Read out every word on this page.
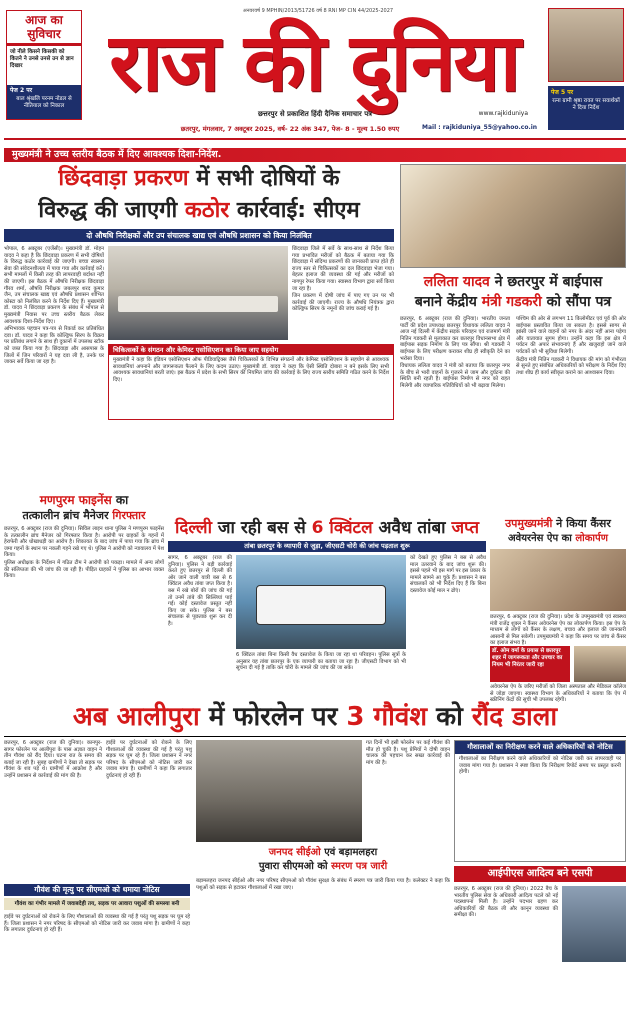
आज का सुविचार
जो नीले किसने किसकी को कितने ने उनसे उनसे उन से ज्ञान दिखार
पेज 2 पर
बाल श्रृंखलि परनम नोडल से नीतियाल को निकाल
अनवरवर्ष 9 MPHIN/2013/51726 वर्ष 8 RNI MP CIN 44/2025-2027
राज की दुनिया
छत्तरपुर से प्रकाशित हिंदी दैनिक समाचार पत्र	www.rajkiduniya
छतरपुर, मंगलवार, 7 अक्टूबर 2025, वर्ष- 22 अंक 347, पेज- 8 - मूल्य 1.50 रुपए	Mail : rajkiduniya_55@yahoo.co.in
पेज 5 पर
रत्ना ग्रामी श्रृष्ठा रावत पर सवार्थकों ने दिया निर्देश
मुख्यमंत्री ने उच्च स्तरीय बैठक में दिए आवश्यक दिशा-निर्देश.
छिंदवाड़ा प्रकरण में सभी दोषियों के
विरुद्ध की जाएगी कठोर कार्रवाई: सीएम
दो औषधि निरीक्षकों और उप संचालक खाद्य एवं औषधि प्रशासन को किया निलंबित

भोपाल, 6 अक्टूबर (एजेंसी)। मुख्यमंत्री डॉ. मोहन यादव ने कहा है कि छिंदवाड़ा प्रकरण में सभी दोषियों के विरुद्ध कठोर कार्रवाई की जाएगी। बच्चा स्वास्थ्य सेवा की संवेदनशीलता में पाया गया और कार्रवाई करें। सभी मामलों में किसी तरह की लापरवाही बर्दाश्त नहीं की जाएगी। इस बैठक में औषधि निरीक्षक छिंदवाड़ा गौरव शर्मा, औषधि निरीक्षक जबलपुर शरद कुमार जैन, उप संचालक खाद्य एवं औषधि प्रशासन शोभित कोस्टा को निलंबित करने के निर्देश दिए हैं। मुख्यमंत्री डॉ. यादव ने छिंदवाड़ा प्रकरण के संबंध में भोपाल से मुख्यमंत्री निवास पर उच्च स्तरीय बैठक लेकर आवश्यक दिशा-निर्देश दिए।

अभिभावक पहचान पत्र-पत्र से रिकार्ड कर प्रतिबंधित दवा। डॉ. यादव ने कहा कि कोल्ड्रिफ सिरप के विक्रय पर प्रतिबंध लगाने के साथ ही दुकानों में उपलब्ध स्टॉक को जब्त किया गया है। छिंदवाड़ा और आसपास के जिलों में जिन परिवारों ने यह दवा ली है, उनके घर जाकर सर्वे किया जा रहा है।

छिंदवाड़ा जिले में सर्वे के साथ-साथ से निर्देश किया गया प्रभावित मरीजों को बैठक में बताया गया कि छिंदवाड़ा में संदिग्ध प्रकरणों की जानकारी प्राप्त होते ही राज्य स्तर से चिकित्सकों का दल छिंदवाड़ा भेजा गया। बेहतर इलाज की व्यवस्था की गई और मरीजों को नागपुर रेफर किया गया। स्वास्थ्य विभाग द्वारा सर्वे किया जा रहा है।

जिन प्रकरण में दोषी जांच में पाए गए उन पर भी कार्रवाई की जाएगी। राज्य के औषधि नियंत्रक द्वारा कोल्ड्रिफ सिरप के नमूनों की जांच कराई गई है।

चिकित्सकों के संगठन और केमिस्ट एसोसिएशन का किया जाए सहयोग
मुख्यमंत्री ने कहा कि इंडियन एसोसिएशन ऑफ पीडियाट्रिक्स जैसे चिकित्सकों के विभिन्न संगठनों और केमिस्ट एसोसिएशन के सहयोग से आवश्यक सावधानियां अपनाने और जागरूकता फैलाने के लिए कदम उठाए। मुख्यमंत्री डॉ. यादव ने कहा कि ऐसी स्थिति दोबारा न बने इसके लिए सभी आवश्यक सावधानियां बरती जाएं। इस बैठक में प्रदेश के सभी सिरप की नियमित जांच की कार्रवाई के लिए राज्य स्तरीय समिति गठित करने के निर्देश दिए।
ललिता यादव ने छतरपुर में बाईपास
बनाने केंद्रीय मंत्री गडकरी को सौंपा पत्र

छतरपुर, 6 अक्टूबर (राज की दुनिया)। भारतीय जनता पार्टी की प्रदेश उपाध्यक्ष छतरपुर विधायक ललिता यादव ने आज नई दिल्ली में केंद्रीय सड़क परिवहन एवं राजमार्ग मंत्री नितिन गडकरी से मुलाकात कर छतरपुर विधानसभा क्षेत्र में बाईपास सड़क निर्माण के लिए पत्र सौंपा। श्री गडकरी ने बाईपास के लिए परीक्षण कराकर शीघ्र ही स्वीकृति देने का भरोसा दिया।

विधायक ललिता यादव ने मंत्री को बताया कि छतरपुर नगर के बीच से भारी वाहनों के गुजरने से जाम और दुर्घटना की स्थिति बनी रहती है। बाईपास निर्माण से नगर को राहत मिलेगी और व्यापारिक गतिविधियों को भी बढ़ावा मिलेगा।

पश्चिम की ओर से लगभग 11 किलोमीटर एवं पूर्व की ओर बाईपास प्रस्तावित किया जा सकता है। इससे सागर से झांसी जाने वाले वाहनों को नगर के अंदर नहीं आना पड़ेगा और यातायात सुगम होगा। उन्होंने कहा कि इस क्षेत्र में पर्यटन की अपार संभावनाएं हैं और खजुराहो जाने वाले पर्यटकों को भी सुविधा मिलेगी।

केंद्रीय मंत्री नितिन गडकरी ने विधायक की मांग को गंभीरता से सुनते हुए संबंधित अधिकारियों को परीक्षण के निर्देश दिए तथा शीघ्र ही कार्य स्वीकृत कराने का आश्वासन दिया।

मणपुरम फाइनेंस का
तत्कालीन ब्रांच मैनेजर गिरफ्तार

छतरपुर, 6 अक्टूबर (राज की दुनिया)। सिविल लाइन थाना पुलिस ने मणपुरम फाइनेंस के तत्कालीन ब्रांच मैनेजर को गिरफ्तार किया है। आरोपी पर ग्राहकों के गहनों में हेराफेरी और धोखाधड़ी का आरोप है। शिकायत के बाद जांच में पाया गया कि ब्रांच में जमा गहनों के स्थान पर नकली गहने रखे गए थे। पुलिस ने आरोपी को न्यायालय में पेश किया।

पुलिस अधीक्षक के निर्देशन में गठित टीम ने आरोपी को पकड़ा। मामले में अन्य लोगों की संलिप्तता की भी जांच की जा रही है। पीड़ित ग्राहकों ने पुलिस का आभार व्यक्त किया।

दिल्ली जा रही बस से 6 क्विंटल अवैध तांबा जप्त
तांबा छतरपुर के व्यापारी से जुड़ा, जीएसटी चोरी की जांच पड़ताल शुरू
सागर, 6 अक्टूबर (राज की दुनिया)। पुलिस ने बड़ी कार्रवाई करते हुए छतरपुर से दिल्ली की ओर जाने वाली यात्री बस से 6 क्विंटल अवैध तांबा जप्त किया है। बस में रखे बोरों की जांच की गई तो उनमें तांबे की सिल्लियां पाई गईं। कोई दस्तावेज प्रस्तुत नहीं किए जा सके। पुलिस ने बस संचालक से पूछताछ शुरू कर दी है।
6 क्विंटल तांबा बिना किसी वैध दस्तावेज के किया जा रहा था परिवहन। पुलिस सूत्रों के अनुसार यह तांबा छतरपुर के एक व्यापारी का बताया जा रहा है। जीएसटी विभाग को भी सूचना दी गई है ताकि कर चोरी के मामले की जांच की जा सके।
को देखते हुए पुलिस ने बस से अवैध माल उतरवाने के बाद जांच शुरू की। इससे पहले भी इस मार्ग पर इस प्रकार के मामले सामने आ चुके हैं। प्रशासन ने बस संचालकों को भी निर्देश दिए हैं कि बिना दस्तावेज कोई माल न ढोएं।
उपमुख्यमंत्री ने किया कैंसर
अवेयरनेस ऐप का लोकार्पण
छतरपुर, 6 अक्टूबर (राज की दुनिया)। प्रदेश के उपमुख्यमंत्री एवं स्वास्थ्य मंत्री राजेंद्र शुक्ल ने कैंसर अवेयरनेस ऐप का लोकार्पण किया। इस ऐप के माध्यम से लोगों को कैंसर के लक्षण, बचाव और इलाज की जानकारी आसानी से मिल सकेगी। उपमुख्यमंत्री ने कहा कि समय पर जांच से कैंसर का इलाज संभव है।
डॉ. ओम वर्मा के प्रयास से छतरपुर शहर में जागरूकता और उपचार का नियम भी निरंतर जारी रहा
अवेयरनेस ऐप के जरिए मरीजों को जिला अस्पताल और मेडिकल कॉलेज से जोड़ा जाएगा। स्वास्थ्य विभाग के अधिकारियों ने बताया कि ऐप में स्क्रीनिंग केंद्रों की सूची भी उपलब्ध रहेगी।
अब आलीपुरा में फोरलेन पर 3 गौवंश को रौंद डाला
छतरपुर, 6 अक्टूबर (राज की दुनिया)। कानपुर-सागर फोरलेन पर आलीपुरा के पास अज्ञात वाहन ने तीन गौवंश को रौंद दिया। घटना रात के समय की बताई जा रही है। सुबह ग्रामीणों ने देखा तो सड़क पर गौवंश के शव पड़े थे। ग्रामीणों में आक्रोश है और उन्होंने प्रशासन से कार्रवाई की मांग की है।
हाईवे पर दुर्घटनाओं को रोकने के लिए गौशालाओं की व्यवस्था की गई है परंतु पशु सड़क पर घूम रहे हैं। जिला प्रशासन ने नगर परिषद के सीएमओ को नोटिस जारी कर जवाब मांगा है। ग्रामीणों ने कहा कि लगातार दुर्घटनाएं हो रही हैं।
गत दिनों भी इसी फोरलेन पर कई गौवंश की मौत हो चुकी है। पशु प्रेमियों ने दोषी वाहन चालक की पहचान कर सख्त कार्रवाई की मांग की है।
गौशालाओं का निरीक्षण करने वाले अधिकारियों को नोटिस
गौशालाओं का निरीक्षण करने वाले अधिकारियों को नोटिस जारी कर लापरवाही पर जवाब मांगा गया है। प्रशासन ने स्पष्ट किया कि निरीक्षण रिपोर्ट समय पर प्रस्तुत करनी होगी।
गौवंश की मृत्यु पर सीएमओ को थमाया नोटिस
गौवंश का गंभीर मामले में जवाबदेही तय, सड़क पर आवारा पशुओं की समस्या बनी
हाईवे पर दुर्घटनाओं को रोकने के लिए गौशालाओं की व्यवस्था की गई है परंतु पशु सड़क पर घूम रहे हैं। जिला प्रशासन ने नगर परिषद के सीएमओ को नोटिस जारी कर जवाब मांगा है। ग्रामीणों ने कहा कि लगातार दुर्घटनाएं हो रही हैं।
जनपद सीईओ एवं बड़ामलहरा
पुवारा सीएमओ को स्मरण पत्र जारी
बड़ामलहरा जनपद सीईओ और नगर परिषद सीएमओ को गौवंश सुरक्षा के संबंध में स्मरण पत्र जारी किया गया है। कलेक्टर ने कहा कि पशुओं को सड़क से हटाकर गौशालाओं में रखा जाए।
आईपीएस आदित्य बने एसपी
छतरपुर, 6 अक्टूबर (राज की दुनिया)। 2022 बैच के भारतीय पुलिस सेवा के अधिकारी आदित्य पटले को नई पदस्थापना मिली है। उन्होंने पदभार ग्रहण कर अधिकारियों की बैठक ली और कानून व्यवस्था की समीक्षा की।
